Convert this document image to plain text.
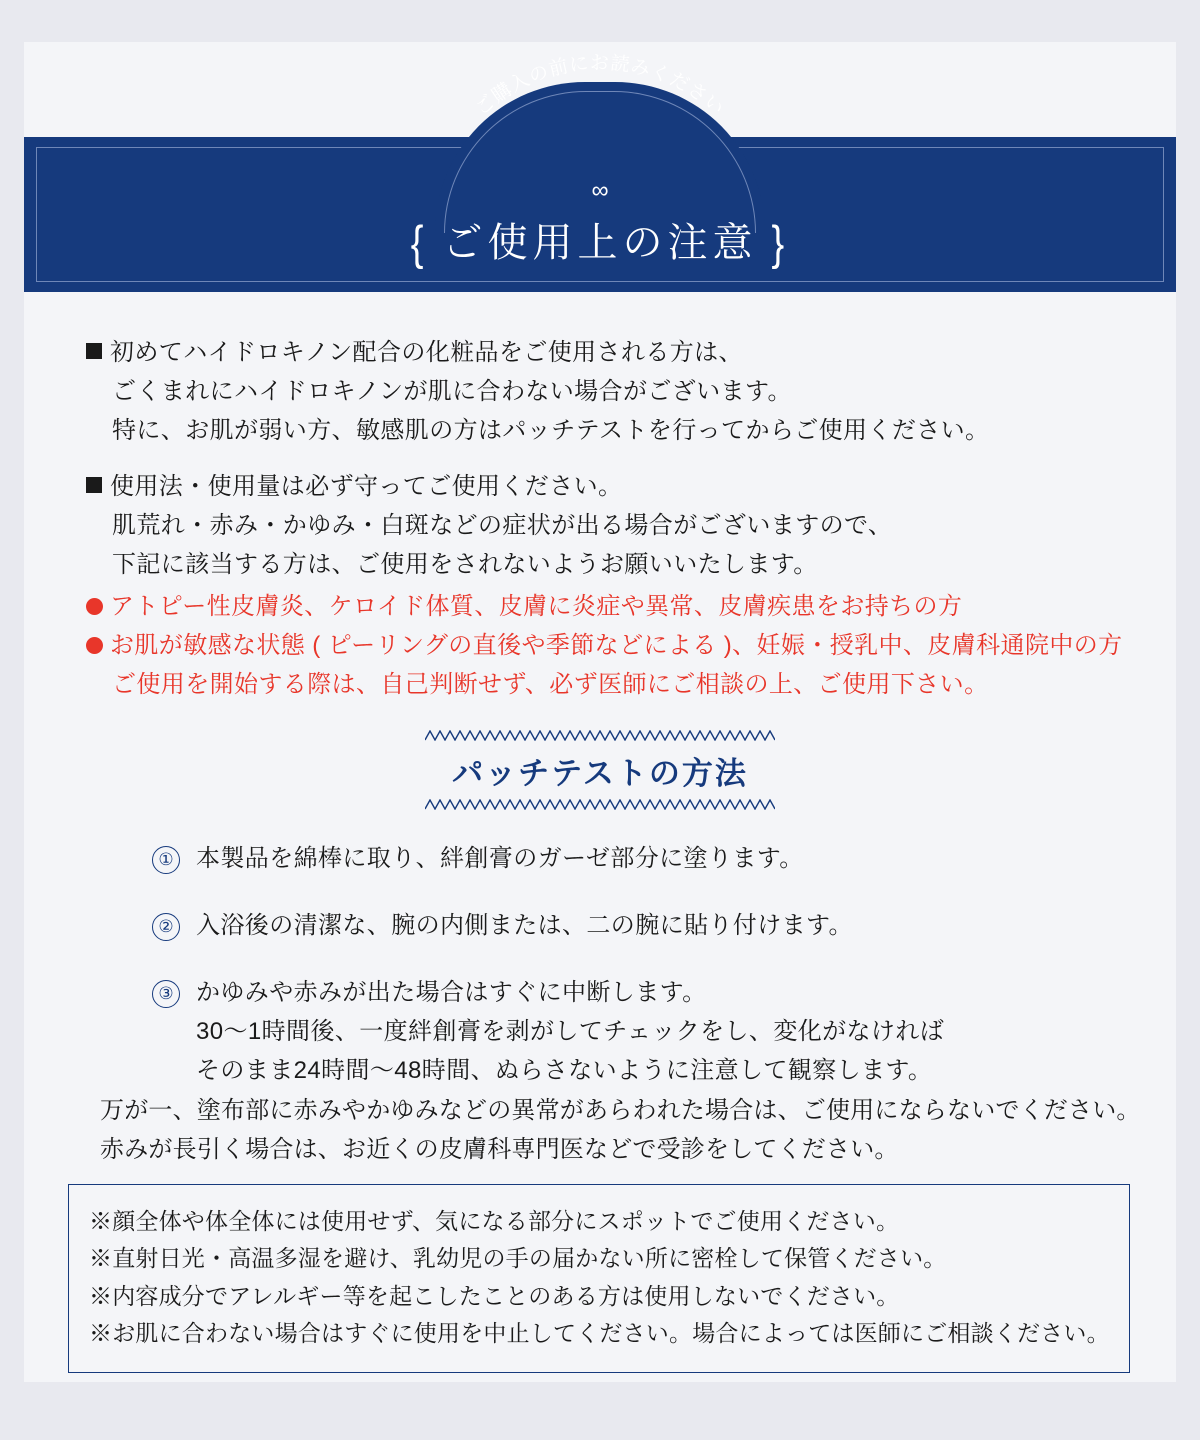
ご購入の前にお読みください
∞
{ ご使用上の注意 }
初めてハイドロキノン配合の化粧品をご使用される方は、
ごくまれにハイドロキノンが肌に合わない場合がございます。
特に、お肌が弱い方、敏感肌の方はパッチテストを行ってからご使用ください。
使用法・使用量は必ず守ってご使用ください。
肌荒れ・赤み・かゆみ・白斑などの症状が出る場合がございますので、
下記に該当する方は、ご使用をされないようお願いいたします。
アトピー性皮膚炎、ケロイド体質、皮膚に炎症や異常、皮膚疾患をお持ちの方
お肌が敏感な状態 ( ピーリングの直後や季節などによる )、妊娠・授乳中、皮膚科通院中の方
ご使用を開始する際は、自己判断せず、必ず医師にご相談の上、ご使用下さい。
パッチテストの方法
① 本製品を綿棒に取り、絆創膏のガーゼ部分に塗ります。
② 入浴後の清潔な、腕の内側または、二の腕に貼り付けます。
③ かゆみや赤みが出た場合はすぐに中断します。
30〜1時間後、一度絆創膏を剥がしてチェックをし、変化がなければ
そのまま24時間〜48時間、ぬらさないように注意して観察します。
万が一、塗布部に赤みやかゆみなどの異常があらわれた場合は、ご使用にならないでください。
赤みが長引く場合は、お近くの皮膚科専門医などで受診をしてください。
※顔全体や体全体には使用せず、気になる部分にスポットでご使用ください。
※直射日光・高温多湿を避け、乳幼児の手の届かない所に密栓して保管ください。
※内容成分でアレルギー等を起こしたことのある方は使用しないでください。
※お肌に合わない場合はすぐに使用を中止してください。場合によっては医師にご相談ください。
